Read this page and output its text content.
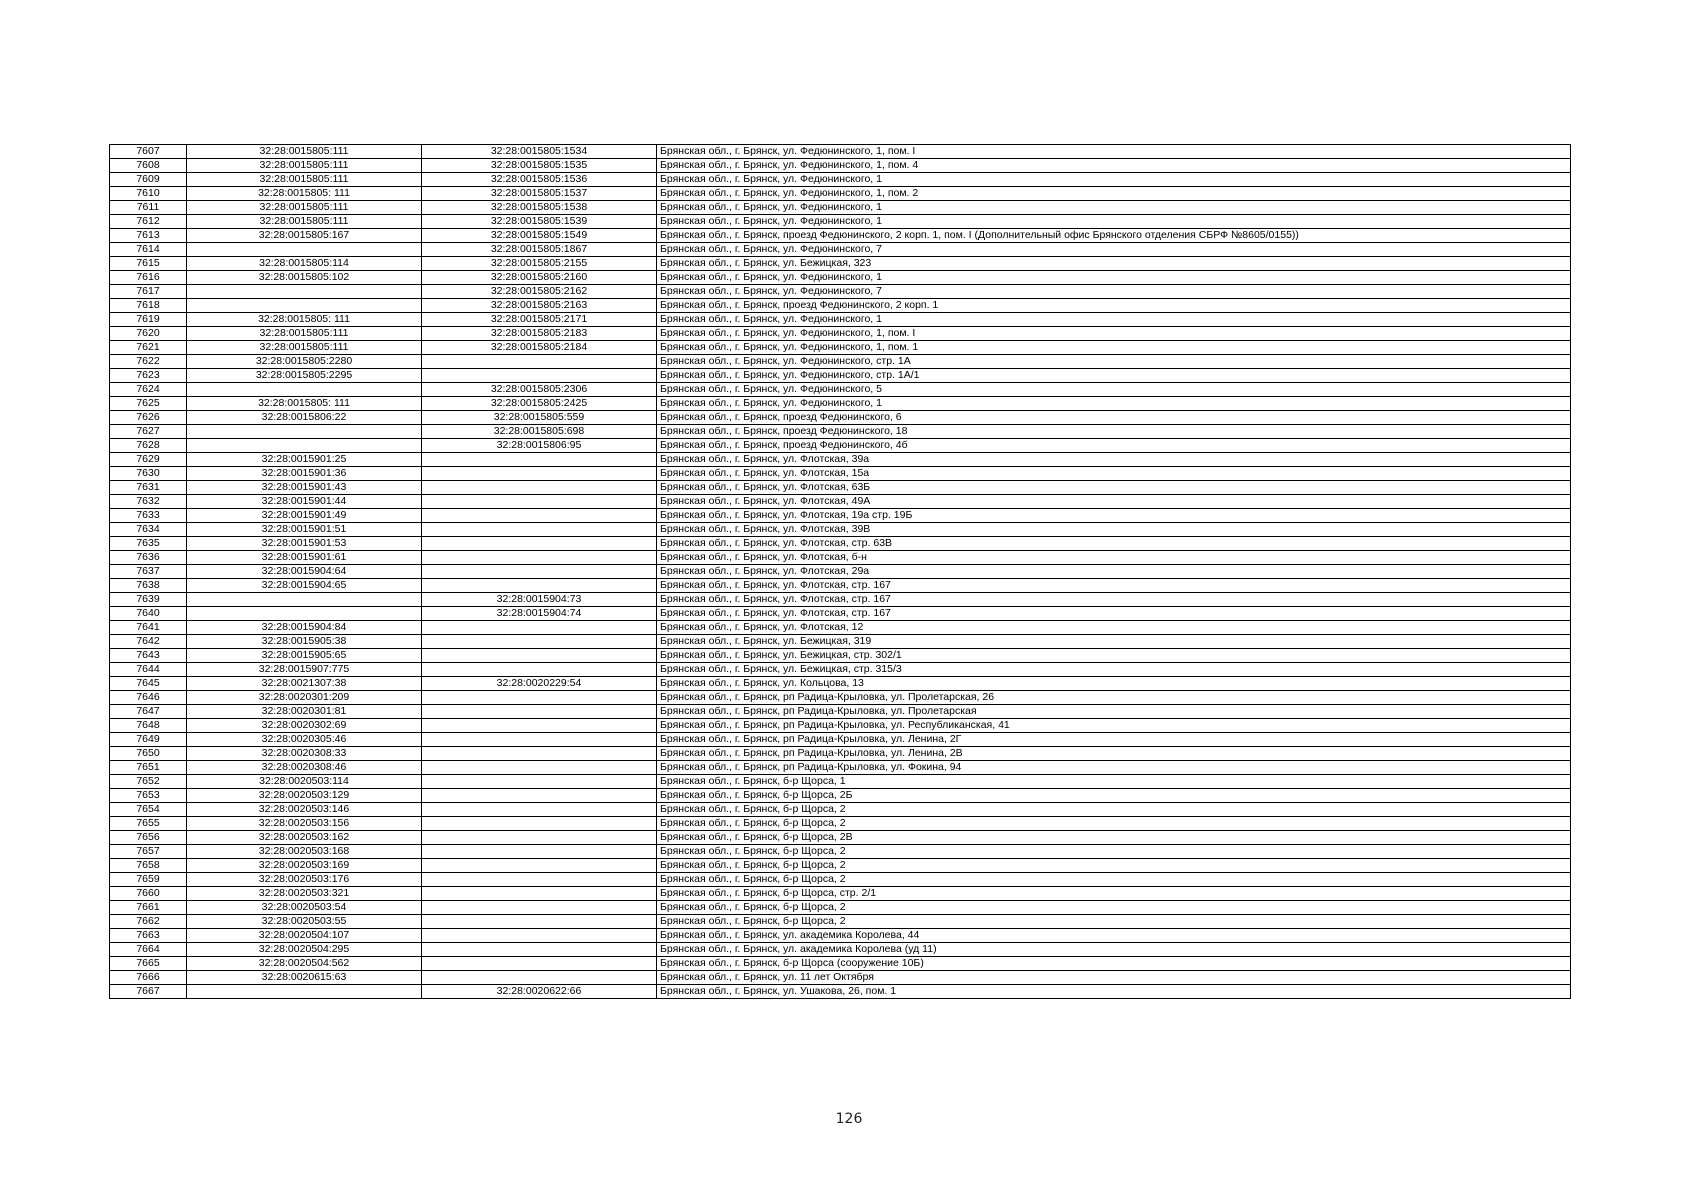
7607	32:28:0015805:111	32:28:0015805:1534	Брянская обл., г. Брянск, ул. Федюнинского, 1, пом. I
7608	32:28:0015805:111	32:28:0015805:1535	Брянская обл., г. Брянск, ул. Федюнинского, 1, пом. 4
7609	32:28:0015805:111	32:28:0015805:1536	Брянская обл., г. Брянск, ул. Федюнинского, 1
7610	32:28:0015805: 111	32:28:0015805:1537	Брянская обл., г. Брянск, ул. Федюнинского, 1, пом. 2
7611	32:28:0015805:111	32:28:0015805:1538	Брянская обл., г. Брянск, ул. Федюнинского, 1
7612	32:28:0015805:111	32:28:0015805:1539	Брянская обл., г. Брянск, ул. Федюнинского, 1
7613	32:28:0015805:167	32:28:0015805:1549	Брянская обл., г. Брянск, проезд Федюнинского, 2 корп. 1, пом. I (Дополнительный офис Брянского отделения СБРФ №8605/0155))
7614		32:28:0015805:1867	Брянская обл., г. Брянск, ул. Федюнинского, 7
7615	32:28:0015805:114	32:28:0015805:2155	Брянская обл., г. Брянск, ул. Бежицкая, 323
7616	32:28:0015805:102	32:28:0015805:2160	Брянская обл., г. Брянск, ул. Федюнинского, 1
7617		32:28:0015805:2162	Брянская обл., г. Брянск, ул. Федюнинского, 7
7618		32:28:0015805:2163	Брянская обл., г. Брянск, проезд Федюнинского, 2 корп. 1
7619	32:28:0015805: 111	32:28:0015805:2171	Брянская обл., г. Брянск, ул. Федюнинского, 1
7620	32:28:0015805:111	32:28:0015805:2183	Брянская обл., г. Брянск, ул. Федюнинского, 1, пом. I
7621	32:28:0015805:111	32:28:0015805:2184	Брянская обл., г. Брянск, ул. Федюнинского, 1, пом. 1
7622	32:28:0015805:2280		Брянская обл., г. Брянск, ул. Федюнинского, стр. 1А
7623	32:28:0015805:2295		Брянская обл., г. Брянск, ул. Федюнинского, стр. 1А/1
7624		32:28:0015805:2306	Брянская обл., г. Брянск, ул. Федюнинского, 5
7625	32:28:0015805: 111	32:28:0015805:2425	Брянская обл., г. Брянск, ул. Федюнинского, 1
7626	32:28:0015806:22	32:28:0015805:559	Брянская обл., г. Брянск, проезд Федюнинского, 6
7627		32:28:0015805:698	Брянская обл., г. Брянск, проезд Федюнинского, 18
7628		32:28:0015806:95	Брянская обл., г. Брянск, проезд Федюнинского, 4б
7629	32:28:0015901:25		Брянская обл., г. Брянск, ул. Флотская, 39а
7630	32:28:0015901:36		Брянская обл., г. Брянск, ул. Флотская, 15а
7631	32:28:0015901:43		Брянская обл., г. Брянск, ул. Флотская, 63Б
7632	32:28:0015901:44		Брянская обл., г. Брянск, ул. Флотская, 49А
7633	32:28:0015901:49		Брянская обл., г. Брянск, ул. Флотская, 19а стр. 19Б
7634	32:28:0015901:51		Брянская обл., г. Брянск, ул. Флотская, 39В
7635	32:28:0015901:53		Брянская обл., г. Брянск, ул. Флотская, стр. 63В
7636	32:28:0015901:61		Брянская обл., г. Брянск, ул. Флотская, б-н
7637	32:28:0015904:64		Брянская обл., г. Брянск, ул. Флотская, 29а
7638	32:28:0015904:65		Брянская обл., г. Брянск, ул. Флотская, стр. 167
7639		32:28:0015904:73	Брянская обл., г. Брянск, ул. Флотская, стр. 167
7640		32:28:0015904:74	Брянская обл., г. Брянск, ул. Флотская, стр. 167
7641	32:28:0015904:84		Брянская обл., г. Брянск, ул. Флотская, 12
7642	32:28:0015905:38		Брянская обл., г. Брянск, ул. Бежицкая, 319
7643	32:28:0015905:65		Брянская обл., г. Брянск, ул. Бежицкая, стр. 302/1
7644	32:28:0015907:775		Брянская обл., г. Брянск, ул. Бежицкая, стр. 315/3
7645	32:28:0021307:38	32:28:0020229:54	Брянская обл., г. Брянск, ул. Кольцова, 13
7646	32:28:0020301:209		Брянская обл., г. Брянск, рп Радица-Крыловка, ул. Пролетарская, 26
7647	32:28:0020301:81		Брянская обл., г. Брянск, рп Радица-Крыловка, ул. Пролетарская
7648	32:28:0020302:69		Брянская обл., г. Брянск, рп Радица-Крыловка, ул. Республиканская, 41
7649	32:28:0020305:46		Брянская обл., г. Брянск, рп Радица-Крыловка, ул. Ленина, 2Г
7650	32:28:0020308:33		Брянская обл., г. Брянск, рп Радица-Крыловка, ул. Ленина, 2В
7651	32:28:0020308:46		Брянская обл., г. Брянск, рп Радица-Крыловка, ул. Фокина, 94
7652	32:28:0020503:114		Брянская обл., г. Брянск, б-р Щорса, 1
7653	32:28:0020503:129		Брянская обл., г. Брянск, б-р Щорса, 2Б
7654	32:28:0020503:146		Брянская обл., г. Брянск, б-р Щорса, 2
7655	32:28:0020503:156		Брянская обл., г. Брянск, б-р Щорса, 2
7656	32:28:0020503:162		Брянская обл., г. Брянск, б-р Щорса, 2В
7657	32:28:0020503:168		Брянская обл., г. Брянск, б-р Щорса, 2
7658	32:28:0020503:169		Брянская обл., г. Брянск, б-р Щорса, 2
7659	32:28:0020503:176		Брянская обл., г. Брянск, б-р Щорса, 2
7660	32:28:0020503:321		Брянская обл., г. Брянск, б-р Щорса, стр. 2/1
7661	32:28:0020503:54		Брянская обл., г. Брянск, б-р Щорса, 2
7662	32:28:0020503:55		Брянская обл., г. Брянск, б-р Щорса, 2
7663	32:28:0020504:107		Брянская обл., г. Брянск, ул. академика Королева, 44
7664	32:28:0020504:295		Брянская обл., г. Брянск, ул. академика Королева (уд 11)
7665	32:28:0020504:562		Брянская обл., г. Брянск, б-р Щорса (сооружение 10Б)
7666	32:28:0020615:63		Брянская обл., г. Брянск, ул. 11 лет Октября
7667		32:28:0020622:66	Брянская обл., г. Брянск, ул. Ушакова, 26, пом. 1
126
